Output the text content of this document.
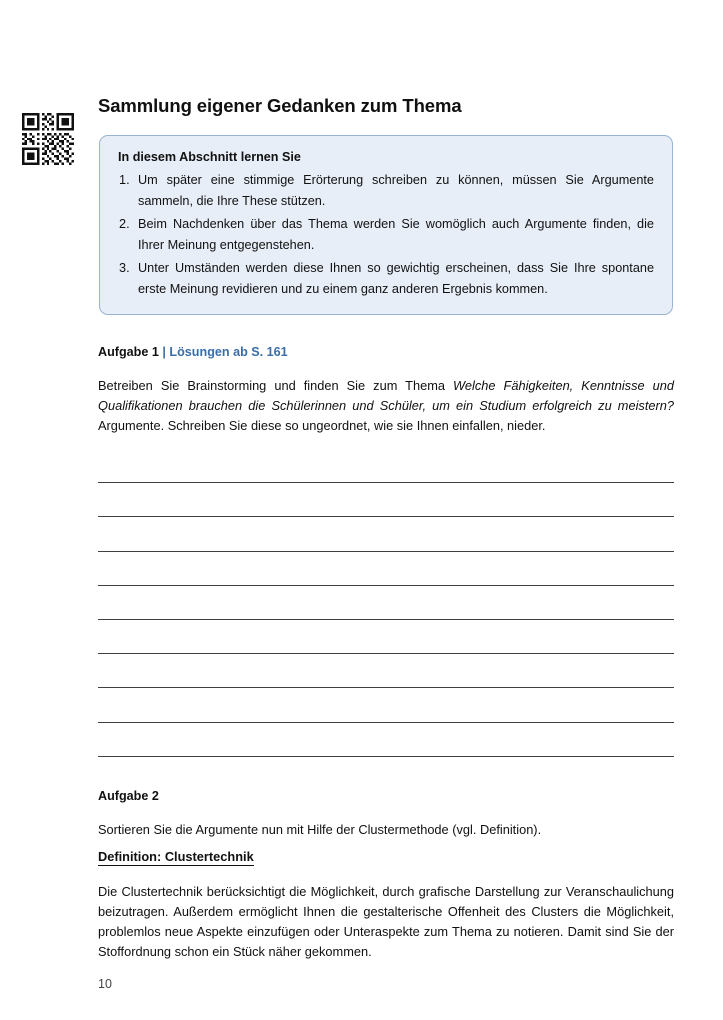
Sammlung eigener Gedanken zum Thema
In diesem Abschnitt lernen Sie
Um später eine stimmige Erörterung schreiben zu können, müssen Sie Argumente sammeln, die Ihre These stützen.
Beim Nachdenken über das Thema werden Sie womöglich auch Argumente finden, die Ihrer Meinung entgegenstehen.
Unter Umständen werden diese Ihnen so gewichtig erscheinen, dass Sie Ihre spontane erste Meinung revidieren und zu einem ganz anderen Ergebnis kommen.
Aufgabe 1 | Lösungen ab S. 161

Betreiben Sie Brainstorming und finden Sie zum Thema Welche Fähigkeiten, Kenntnisse und Qualifikationen brauchen die Schülerinnen und Schüler, um ein Studium erfolgreich zu meistern? Argumente. Schreiben Sie diese so ungeordnet, wie sie Ihnen einfallen, nieder.

Aufgabe 2

Sortieren Sie die Argumente nun mit Hilfe der Clustermethode (vgl. Definition).

Definition: Clustertechnik

Die Clustertechnik berücksichtigt die Möglichkeit, durch grafische Darstellung zur Veranschaulichung beizutragen. Außerdem ermöglicht Ihnen die gestalterische Offenheit des Clusters die Möglichkeit, problemlos neue Aspekte einzufügen oder Unteraspekte zum Thema zu notieren. Damit sind Sie der Stoffordnung schon ein Stück näher gekommen.

10
